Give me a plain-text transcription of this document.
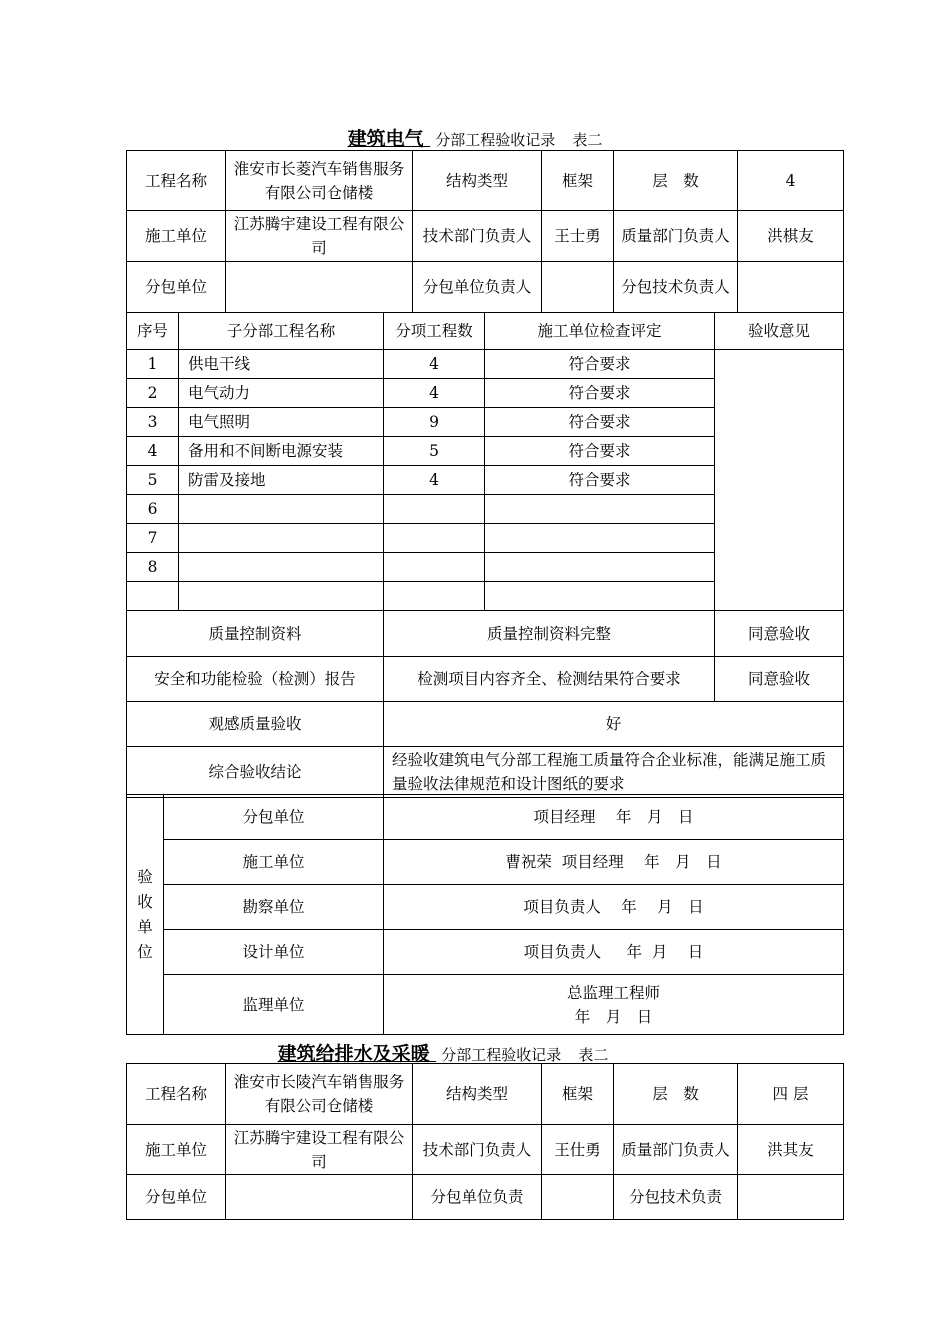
建筑电气 分部工程验收记录 表二
工程名称	淮安市长菱汽车销售服务有限公司仓储楼	结构类型	框架	层　数	4
施工单位	江苏腾宇建设工程有限公司	技术部门负责人	王士勇	质量部门负责人	洪棋友
分包单位		分包单位负责人		分包技术负责人	
序号	子分部工程名称	分项工程数	施工单位检查评定	验收意见
1	供电干线	4	符合要求	
2	电气动力	4	符合要求	
3	电气照明	9	符合要求	
4	备用和不间断电源安装	5	符合要求	
5	防雷及接地	4	符合要求	
6				
7				
8				

质量控制资料		质量控制资料完整		同意验收
安全和功能检验（检测）报告		检测项目内容齐全、检测结果符合要求		同意验收
观感质量验收		好		
综合验收结论		经验收建筑电气分部工程施工质量符合企业标准，能满足施工质量验收法律规范和设计图纸的要求		
验收单位	分包单位	项目经理　 年　月　日
	施工单位	曹祝荣  项目经理　 年　月　日
	勘察单位	项目负责人　 年　 月　日
	设计单位	项目负责人　  年  月　 日
	监理单位	总监理工程师
年　月　日
建筑给排水及采暖 分部工程验收记录 表二
工程名称	淮安市长陵汽车销售服务有限公司仓储楼	结构类型	框架	层　数	四 层
施工单位	江苏腾宇建设工程有限公司	技术部门负责人	王仕勇	质量部门负责人	洪其友
分包单位		分包单位负责		分包技术负责	
